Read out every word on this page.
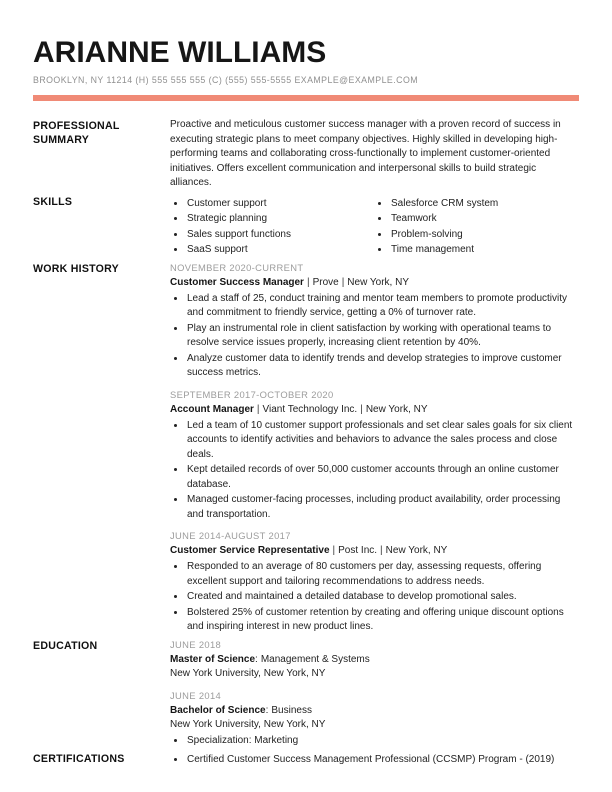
ARIANNE WILLIAMS
BROOKLYN, NY 11214 (H) 555 555 555 (C) (555) 555-5555 EXAMPLE@EXAMPLE.COM
PROFESSIONAL SUMMARY

Proactive and meticulous customer success manager with a proven record of success in executing strategic plans to meet company objectives. Highly skilled in developing high-performing teams and collaborating cross-functionally to implement customer-oriented initiatives. Offers excellent communication and interpersonal skills to build strategic alliances.

SKILLS	• Customer support
• Strategic planning
• Sales support functions
• SaaS support
• Salesforce CRM system
• Teamwork
• Problem-solving
• Time management
WORK HISTORY	NOVEMBER 2020-CURRENT
Customer Success Manager | Prove | New York, NY
• Lead a staff of 25, conduct training and mentor team members to promote productivity and commitment to friendly service, getting a 0% of turnover rate.
• Play an instrumental role in client satisfaction by working with operational teams to resolve service issues properly, increasing client retention by 40%.
• Analyze customer data to identify trends and develop strategies to improve customer success metrics.
SEPTEMBER 2017-OCTOBER 2020
Account Manager | Viant Technology Inc. | New York, NY
• Led a team of 10 customer support professionals and set clear sales goals for six client accounts to identify activities and behaviors to advance the sales process and close deals.
• Kept detailed records of over 50,000 customer accounts through an online customer database.
• Managed customer-facing processes, including product availability, order processing and transportation.
JUNE 2014-AUGUST 2017
Customer Service Representative | Post Inc. | New York, NY
• Responded to an average of 80 customers per day, assessing requests, offering excellent support and tailoring recommendations to address needs.
• Created and maintained a detailed database to develop promotional sales.
• Bolstered 25% of customer retention by creating and offering unique discount options and inspiring interest in new product lines.
EDUCATION	JUNE 2018
Master of Science: Management & Systems
New York University, New York, NY
JUNE 2014
Bachelor of Science: Business
New York University, New York, NY
• Specialization: Marketing
CERTIFICATIONS	• Certified Customer Success Management Professional (CCSMP) Program - (2019)
